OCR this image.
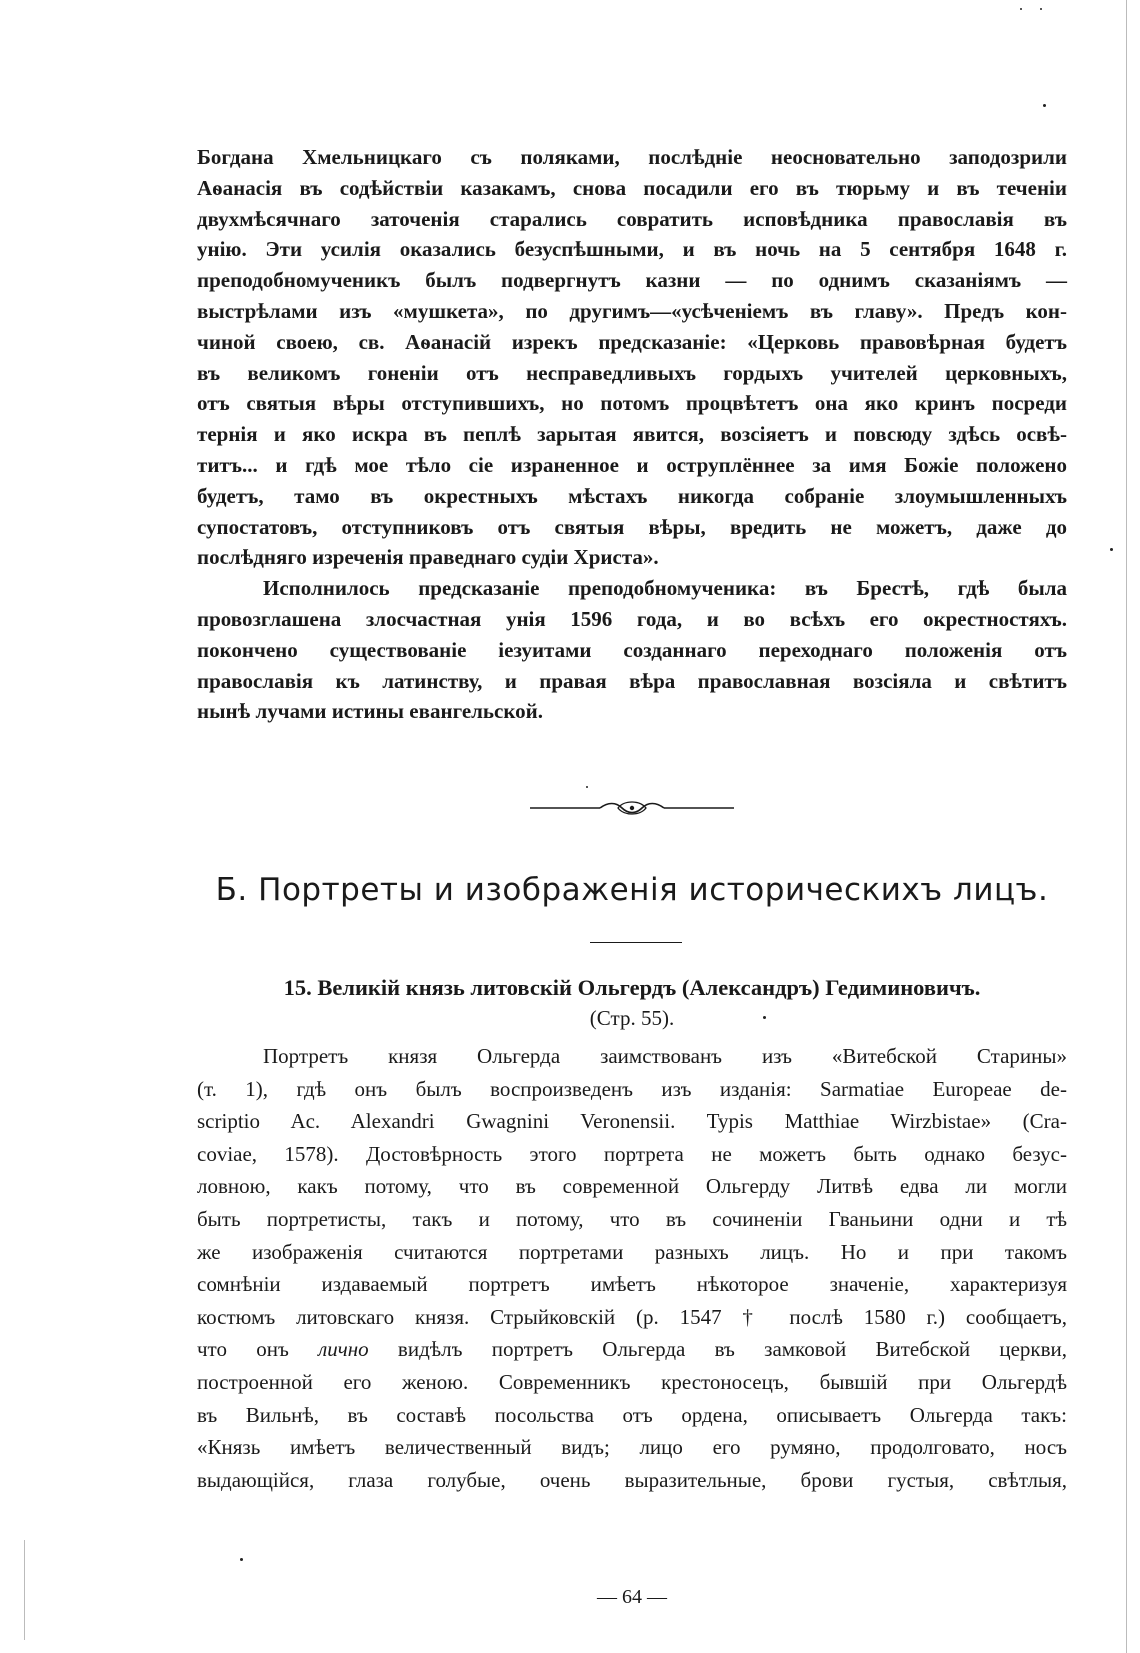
Богдана Хмельницкаго съ поляками, послѣдніе неосновательно заподозрили
Аѳанасія въ содѣйствіи казакамъ, снова посадили его въ тюрьму и въ теченіи
двухмѣсячнаго заточенія старались совратить исповѣдника православія въ
унію. Эти усилія оказались безуспѣшными, и въ ночь на 5 сентября 1648 г.
преподобномученикъ былъ подвергнутъ казни — по однимъ сказаніямъ —
выстрѣлами изъ «мушкета», по другимъ—«усѣченіемъ въ главу». Предъ кон-
чиной своею, св. Аѳанасій изрекъ предсказаніе: «Церковь правовѣрная будетъ
въ великомъ гоненіи отъ несправедливыхъ гордыхъ учителей церковныхъ,
отъ святыя вѣры отступившихъ, но потомъ процвѣтетъ она яко кринъ посреди
тернія и яко искра въ пеплѣ зарытая явится, возсіяетъ и повсюду здѣсь освѣ-
титъ... и гдѣ мое тѣло сіе израненное и оструплённее за имя Божіе положено
будетъ, тамо въ окрестныхъ мѣстахъ никогда собраніе злоумышленныхъ
супостатовъ, отступниковъ отъ святыя вѣры, вредить не можетъ, даже до
послѣдняго изреченія праведнаго судіи Христа».
Исполнилось предсказаніе преподобномученика: въ Брестѣ, гдѣ была
провозглашена злосчастная унія 1596 года, и во всѣхъ его окрестностяхъ.
покончено существованіе іезуитами созданнаго переходнаго положенія отъ
православія къ латинству, и правая вѣра православная возсіяла и свѣтитъ
нынѣ лучами истины евангельской.
Б. Портреты и изображенія историческихъ лицъ.
15. Великій князь литовскій Ольгердъ (Александръ) Гедиминовичъ.
(Стр. 55).
Портретъ князя Ольгерда заимствованъ изъ «Витебской Старины»
(т. 1), гдѣ онъ былъ воспроизведенъ изъ изданія: Sarmatiae Europeae de-
scriptio Ac. Alexandri Gwagnini Veronensii. Typis Matthiae Wirzbistae» (Cra-
coviae, 1578). Достовѣрность этого портрета не можетъ быть однако безус-
ловною, какъ потому, что въ современной Ольгерду Литвѣ едва ли могли
быть портретисты, такъ и потому, что въ сочиненіи Гваньини одни и тѣ
же изображенія считаются портретами разныхъ лицъ. Но и при такомъ
сомнѣніи издаваемый портретъ имѣетъ нѣкоторое значеніе, характеризуя
костюмъ литовскаго князя. Стрыйковскій (р. 1547 † послѣ 1580 г.) сообщаетъ,
что онъ лично видѣлъ портретъ Ольгерда въ замковой Витебской церкви,
построенной его женою. Современникъ крестоносецъ, бывшій при Ольгердѣ
въ Вильнѣ, въ составѣ посольства отъ ордена, описываетъ Ольгерда такъ:
«Князь имѣетъ величественный видъ; лицо его румяно, продолговато, носъ
выдающійся, глаза голубые, очень выразительные, брови густыя, свѣтлыя,
— 64 —
